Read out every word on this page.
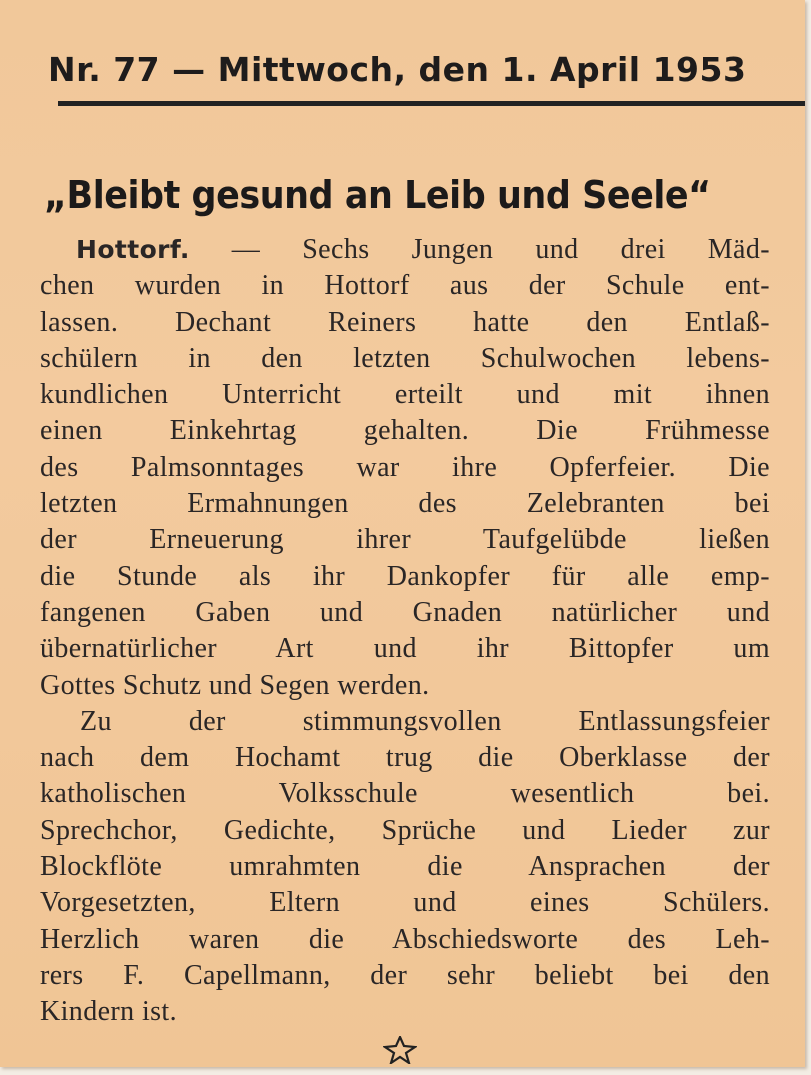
Nr. 77 — Mittwoch, den 1. April 1953
„Bleibt gesund an Leib und Seele“
Hottorf. — Sechs Jungen und drei Mäd-
chen wurden in Hottorf aus der Schule ent-
lassen. Dechant Reiners hatte den Entlaß-
schülern in den letzten Schulwochen lebens-
kundlichen Unterricht erteilt und mit ihnen
einen Einkehrtag gehalten. Die Frühmesse
des Palmsonntages war ihre Opferfeier. Die
letzten Ermahnungen des Zelebranten bei
der Erneuerung ihrer Taufgelübde ließen
die Stunde als ihr Dankopfer für alle emp-
fangenen Gaben und Gnaden natürlicher und
übernatürlicher Art und ihr Bittopfer um
Gottes Schutz und Segen werden.
Zu der stimmungsvollen Entlassungsfeier
nach dem Hochamt trug die Oberklasse der
katholischen Volksschule wesentlich bei.
Sprechchor, Gedichte, Sprüche und Lieder zur
Blockflöte umrahmten die Ansprachen der
Vorgesetzten, Eltern und eines Schülers.
Herzlich waren die Abschiedsworte des Leh-
rers F. Capellmann, der sehr beliebt bei den
Kindern ist.
